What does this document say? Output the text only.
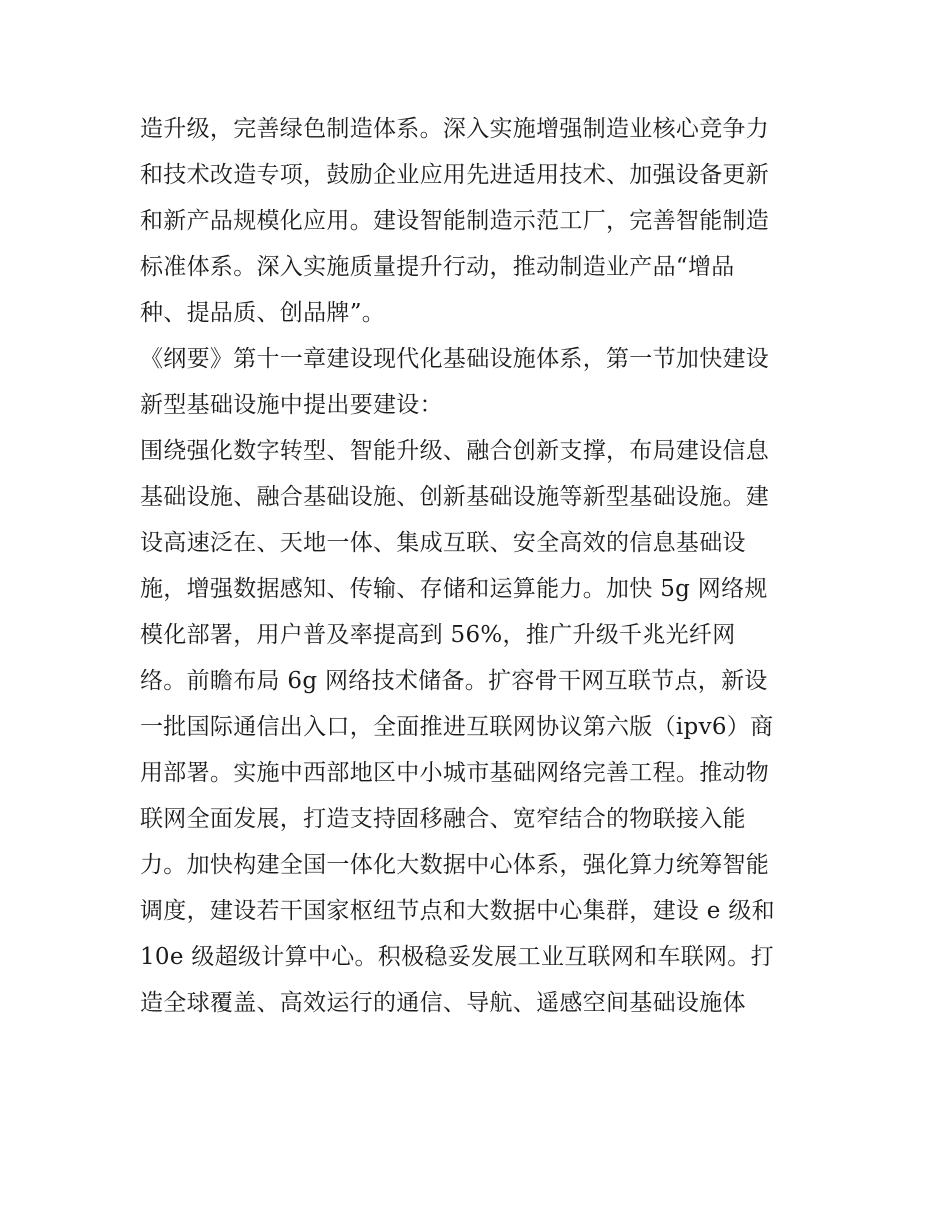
造升级，完善绿色制造体系。深入实施增强制造业核心竞争力
和技术改造专项，鼓励企业应用先进适用技术、加强设备更新
和新产品规模化应用。建设智能制造示范工厂，完善智能制造
标准体系。深入实施质量提升行动，推动制造业产品“增品
种、提品质、创品牌”。
《纲要》第十一章建设现代化基础设施体系，第一节加快建设
新型基础设施中提出要建设：
围绕强化数字转型、智能升级、融合创新支撑，布局建设信息
基础设施、融合基础设施、创新基础设施等新型基础设施。建
设高速泛在、天地一体、集成互联、安全高效的信息基础设
施，增强数据感知、传输、存储和运算能力。加快 5g 网络规
模化部署，用户普及率提高到 56%，推广升级千兆光纤网
络。前瞻布局 6g 网络技术储备。扩容骨干网互联节点，新设
一批国际通信出入口，全面推进互联网协议第六版（ipv6）商
用部署。实施中西部地区中小城市基础网络完善工程。推动物
联网全面发展，打造支持固移融合、宽窄结合的物联接入能
力。加快构建全国一体化大数据中心体系，强化算力统筹智能
调度，建设若干国家枢纽节点和大数据中心集群，建设 e 级和
10e 级超级计算中心。积极稳妥发展工业互联网和车联网。打
造全球覆盖、高效运行的通信、导航、遥感空间基础设施体
